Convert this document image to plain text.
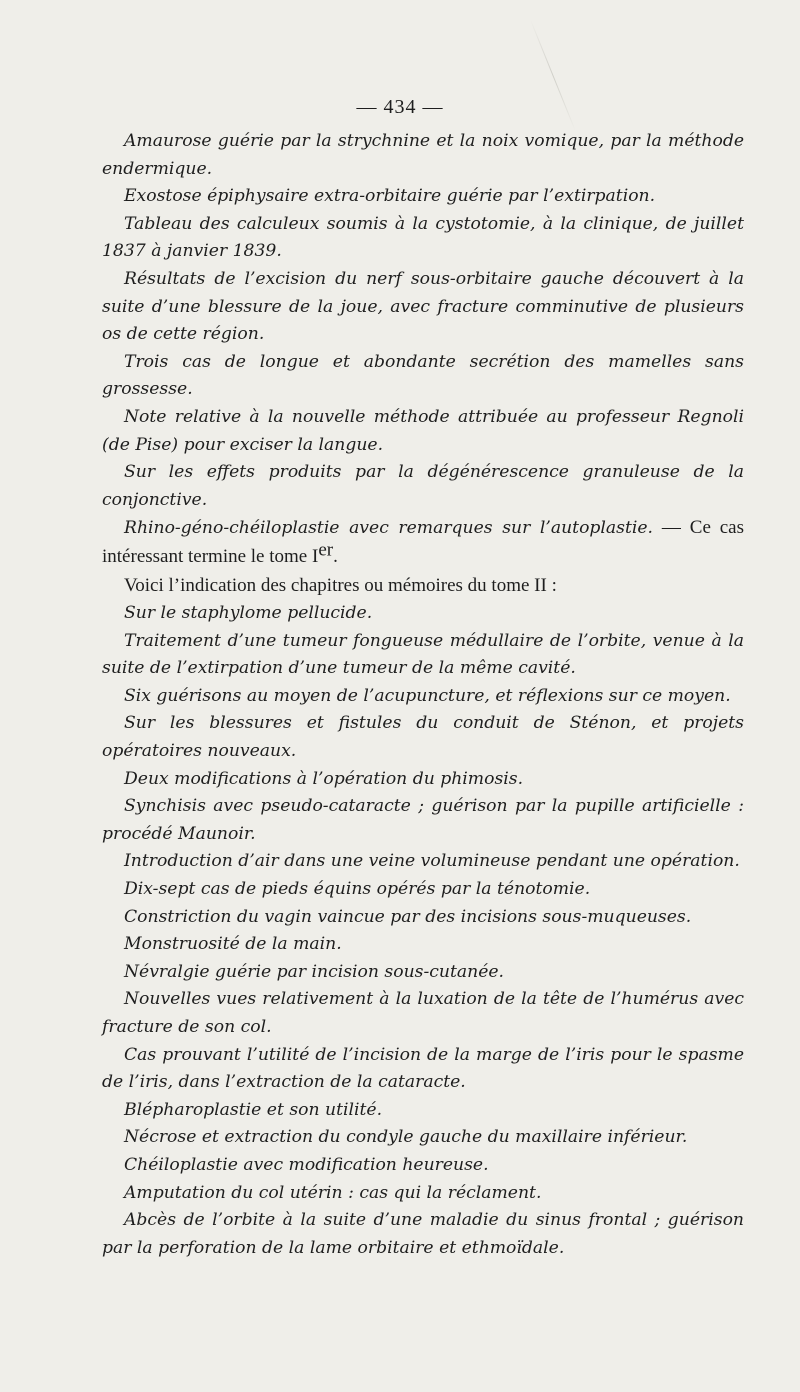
— 434 —

Amaurose guérie par la strychnine et la noix vomique, par la méthode endermique.

Exostose épiphysaire extra-orbitaire guérie par l’extirpation.

Tableau des calculeux soumis à la cystotomie, à la clinique, de juillet 1837 à janvier 1839.

Résultats de l’excision du nerf sous-orbitaire gauche découvert à la suite d’une blessure de la joue, avec fracture comminutive de plusieurs os de cette région.

Trois cas de longue et abondante secrétion des mamelles sans grossesse.

Note relative à la nouvelle méthode attribuée au professeur Regnoli (de Pise) pour exciser la langue.

Sur les effets produits par la dégénérescence granuleuse de la conjonctive.

Rhino-géno-chéiloplastie avec remarques sur l’autoplastie. — Ce cas intéressant termine le tome Ier.

Voici l’indication des chapitres ou mémoires du tome II :

Sur le staphylome pellucide.

Traitement d’une tumeur fongueuse médullaire de l’orbite, venue à la suite de l’extirpation d’une tumeur de la même cavité.

Six guérisons au moyen de l’acupuncture, et réflexions sur ce moyen.

Sur les blessures et fistules du conduit de Sténon, et projets opératoires nouveaux.

Deux modifications à l’opération du phimosis.

Synchisis avec pseudo-cataracte ; guérison par la pupille artificielle : procédé Maunoir.

Introduction d’air dans une veine volumineuse pendant une opération.

Dix-sept cas de pieds équins opérés par la ténotomie.

Constriction du vagin vaincue par des incisions sous-muqueuses.

Monstruosité de la main.

Névralgie guérie par incision sous-cutanée.

Nouvelles vues relativement à la luxation de la tête de l’humérus avec fracture de son col.

Cas prouvant l’utilité de l’incision de la marge de l’iris pour le spasme de l’iris, dans l’extraction de la cataracte.

Blépharoplastie et son utilité.

Nécrose et extraction du condyle gauche du maxillaire inférieur.

Chéiloplastie avec modification heureuse.

Amputation du col utérin : cas qui la réclament.

Abcès de l’orbite à la suite d’une maladie du sinus frontal ; guérison par la perforation de la lame orbitaire et ethmoïdale.
